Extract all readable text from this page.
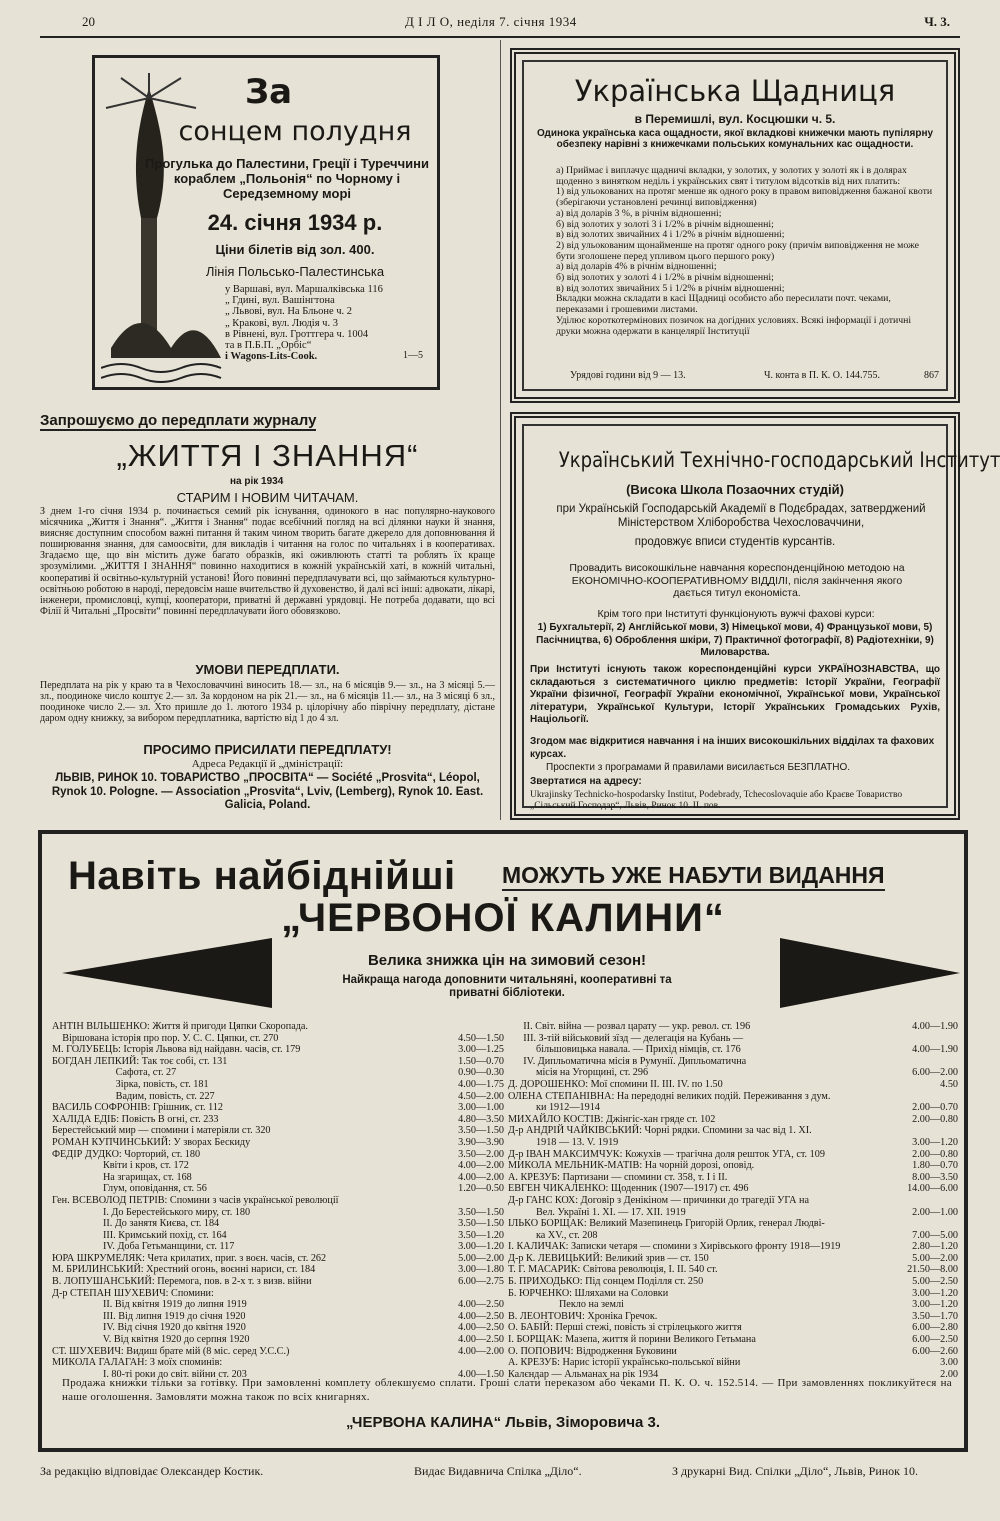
20	Д І Л О, неділя 7. січня 1934	Ч. 3.
За
сонцем полудня
Прогулька до Палестини, Греції і Туреччини кораблем „Польонія“ по Чорному і Середземному морі
24. січня 1934 р.
Ціни білетів від зол. 400.
Лінія Польсько-Палестинська
у Варшаві, вул. Маршалківська 116
„ Гдині, вул. Вашінгтона
„ Львові, вул. На Бльоне ч. 2
„ Кракові, вул. Людія ч. 3
в Рівнені, вул. Гроттгера ч. 1004
та в П.Б.П. „Орбіс“
і Wagons-Lits-Cook.	1—5
Українська Щадниця
в Перемишлі, вул. Косцюшки ч. 5.
Одинока українська каса ощадности, якої вкладкові книжечки мають пупілярну обезпеку нарівні з книжечками польських комунальних кас ощадности.

а) Приймає і виплачує щадничі вкладки, у золотих, у золотих у золоті як і в долярах щоденно з винятком неділь і українських свят і титулом відсотків від них платить:

1) від ульокованих на протяг менше як одного року в правом виповідження бажаної квоти (зберігаючи установлені речинці виповідження)

а) від доларів 3 %, в річнім відношенні;

б) від золотих у золоті 3 і 1/2% в річнім відношенні;

в) від золотих звичайних 4 і 1/2% в річнім відношенні;

2) від ульокованим щонайменше на протяг одного року (причім виповідження не може бути зголошене перед упливом цього першого року)

а) від доларів 4% в річнім відношенні;

б) від золотих у золоті 4 і 1/2% в річнім відношенні;

в) від золотих звичайних 5 і 1/2% в річнім відношенні;

Вкладки можна складати в касі Щадниці особисто або пересилати почт. чеками, переказами і грошевими листами.

Уділює короткотермінових позичок на догідних условиях. Всякі інформації і дотичні друки можна одержати в канцелярії Інституції

Урядові години від 9 — 13.	Ч. конта в П. К. О. 144.755.	867
Запрошуємо до передплати журналу
„ЖИТТЯ І ЗНАННЯ“
на рік 1934
СТАРИМ І НОВИМ ЧИТАЧАМ.
З днем 1-го січня 1934 р. починається семий рік існування, одинокого в нас популярно-наукового місячника „Життя і Знання“. „Життя і Знання“ подає всебічний погляд на всі ділянки науки й знання, виясняє доступним способом важні питання й таким чином творить багате джерело для доповнювання й поширювання знання, для самоосвіти, для викладів і читання на голос по читальнях і в кооперативах. Згадаємо ще, що він містить дуже багато образків, які оживлюють статті та роблять їх краще зрозумілими. „ЖИТТЯ І ЗНАННЯ“ повинно находитися в кожній українській хаті, в кожній читальні, кооперативі й освітньо-культурній установі! Його повинні передплачувати всі, що займаються культурно-освітньою роботою в народі, передовсім наше вчительство й духовенство, й далі всі інші: адвокати, лікарі, інженери, промисловці, купці, кооператори, приватні й державні урядовці. Не потреба додавати, що всі Філії й Читальні „Просвіти“ повинні передплачувати його обовязково.
УМОВИ ПЕРЕДПЛАТИ.
Передплата на рік у краю та в Чехословаччині виносить 18.— зл., на 6 місяців 9.— зл., на 3 місяці 5.— зл., поодиноке число коштує 2.— зл. За кордоном на рік 21.— зл., на 6 місяців 11.— зл., на 3 місяці 6 зл., поодиноке число 2.— зл. Хто пришле до 1. лютого 1934 р. цілорічну або піврічну передплату, дістане даром одну книжку, за вибором передплатника, вартістю від 1 до 4 зл.
ПРОСИМО ПРИСИЛАТИ ПЕРЕДПЛАТУ!
Адреса Редакції й „дміністрації:
ЛЬВІВ, РИНОК 10. ТОВАРИСТВО „ПРОСВІТА“ — Société „Prosvita“, Léopol, Rynok 10. Pologne. — Association „Prosvita“, Lviv, (Lemberg), Rynok 10. East. Galicia, Poland.
Український Технічно-господарський Інститут
(Висока Школа Позаочних студій)
при Українській Господарській Академії в Подєбрадах, затверджений Міністерством Хліборобства Чехословаччини,
продовжує вписи студентів курсантів.
Провадить високошкільне навчання кореспонденційною методою на ЕКОНОМІЧНО-КООПЕРАТИВНОМУ ВІДДІЛІ, після закінчення якого дається титул економіста.
Крім того при Інституті функціонують вужчі фахові курси:
1) Бухгальтерії, 2) Англійської мови, 3) Німецької мови, 4) Французької мови, 5) Пасічництва, 6) Оброблення шкіри, 7) Практичної фотографії, 8) Радіотехніки, 9) Миловарства.
При Інституті існують також кореспонденційні курси УКРАЇНОЗНАВСТВА, що складаються з систематичного циклю предметів: Історії України, Географії України фізичної, Географії України економічної, Української мови, Української літератури, Української Культури, Історії Українських Громадських Рухів, Націольогії.
Згодом має відкритися навчання і на інших високошкільних відділах та фахових курсах.
Проспекти з програмами й правилами висилається БЕЗПЛАТНО.
Звертатися на адресу:
Ukrajinsky Technicko-hospodarsky Institut, Podebrady, Tchecoslovaquie або Краєве Товариство „Сільський Господар“, Львів, Ринок 10. II. пов.
Навіть найбіднійші МОЖУТЬ УЖЕ НАБУТИ ВИДАННЯ
„ЧЕРВОНОЇ КАЛИНИ“
Велика знижка цін на зимовий сезон!
Найкраща нагода доповнити читальняні, кооперативні та приватні бібліотеки.
АНТІН ВІЛЬШЕНКО: Життя й пригоди Цяпки Скоропада.
Віршована історія про пор. У. С. С. Цяпки, ст. 270	4.50—1.50
М. ГОЛУБЕЦЬ: Історія Львова від найдавн. часів, ст. 179	3.00—1.25
БОГДАН ЛЕПКИЙ: Так тоє собі, ст. 131	1.50—0.70
Сафота, ст. 27	0.90—0.30
Зірка, повість, ст. 181	4.00—1.75
Вадим, повість, ст. 227	4.50—2.00
ВАСИЛЬ СОФРОНІВ: Грішник, ст. 112	3.00—1.00
ХАЛІДА ЕДІБ: Повість В огні, ст. 233	4.80—3.50
Берестейський мир — спомини і матеріяли ст. 320	3.50—1.50
РОМАН КУПЧИНСЬКИЙ: У зворах Бескиду	3.90—3.90
ФЕДІР ДУДКО: Чорторий, ст. 180	3.50—2.00
Квіти і кров, ст. 172	4.00—2.00
На згарищах, ст. 168	4.00—2.00
Глум, оповідання, ст. 56	1.20—0.50
Ген. ВСЕВОЛОД ПЕТРІВ: Спомини з часів української революції
I. До Берестейського миру, ст. 180	3.50—1.50
II. До занятя Києва, ст. 184	3.50—1.50
III. Кримський похід, ст. 164	3.50—1.20
IV. Доба Гетьманщини, ст. 117	3.00—1.20
ЮРА ШКРУМЕЛЯК: Чета крилатих, приг. з воєн. часів, ст. 262	5.00—2.00
М. БРИЛИНСЬКИЙ: Хрестний огонь, воєнні нариси, ст. 184	3.00—1.80
В. ЛОПУШАНСЬКИЙ: Перемога, пов. в 2-х т. з визв. війни	6.00—2.75
Д-р СТЕПАН ШУХЕВИЧ: Спомини:
II. Від квітня 1919 до липня 1919	4.00—2.50
III. Від липня 1919 до січня 1920	4.00—2.50
IV. Від січня 1920 до квітня 1920	4.00—2.50
V. Від квітня 1920 до серпня 1920	4.00—2.50
СТ. ШУХЕВИЧ: Видиш брате мій (8 міс. серед У.С.С.)	4.00—2.00
МИКОЛА ГАЛАГАН: З моїх споминів:
I. 80-ті роки до світ. війни ст. 203	4.00—1.50
II. Світ. війна — розвал царату — укр. револ. ст. 196	4.00—1.90
III. З-тій військовий зїзд — делегація на Кубань —
більшовицька навала. — Прихід німців, ст. 176	4.00—1.90
IV. Дипльоматична місія в Румунії. Дипльоматична
місія на Угорщині, ст. 296	6.00—2.00
Д. ДОРОШЕНКО: Мої спомини II. III. IV. по 1.50	4.50
ОЛЕНА СТЕПАНІВНА: На передодні великих подій. Переживання з дум.
ки 1912—1914	2.00—0.70
МИХАЙЛО КОСТІВ: Джінгіс-хан гряде ст. 102	2.00—0.80
Д-р АНДРІЙ ЧАЙКІВСЬКИЙ: Чорні рядки. Спомини за час від 1. XI.
1918 — 13. V. 1919	3.00—1.20
Д-р ІВАН МАКСИМЧУК: Кожухів — трагічна доля решток УГА, ст. 109	2.00—0.80
МИКОЛА МЕЛЬНИК-МАТІВ: На чорній дорозі, оповід.	1.80—0.70
А. КРЕЗУБ: Партизани — спомини ст. 358, т. I і II.	8.00—3.50
ЕВГЕН ЧИКАЛЕНКО: Щоденник (1907—1917) ст. 496	14.00—6.00
Д-р ГАНС КОХ: Договір з Денікіном — причинки до трагедії УГА на
Вел. Україні 1. XI. — 17. XII. 1919	2.00—1.00
ІЛЬКО БОРЩАК: Великий Мазепинець Григорій Орлик, генерал Людві-
ка XV., ст. 208	7.00—5.00
І. КАЛИЧАК: Записки четаря — спомини з Хирівського фронту 1918—1919	2.80—1.20
Д-р К. ЛЕВИЦЬКИЙ: Великий зрив — ст. 150	5.00—2.00
Т. Г. МАСАРИК: Світова революція, I. II. 540 ст.	21.50—8.00
Б. ПРИХОДЬКО: Під сонцем Поділля ст. 250	5.00—2.50
Б. ЮРЧЕНКО: Шляхами на Соловки	3.00—1.20
Пекло на землі	3.00—1.20
В. ЛЕОНТОВИЧ: Хроніка Гречок.	3.50—1.70
О. БАБІЙ: Перші стежі, повість зі стрілецького життя	6.00—2.80
І. БОРЩАК: Мазепа, життя й порини Великого Гетьмана	6.00—2.50
О. ПОПОВИЧ: Відродження Буковини	6.00—2.60
А. КРЕЗУБ: Нарис історії українсько-польської війни	3.00
Калєндар — Альманах на рік 1934	2.00
Продажа книжки тільки за готівку. При замовленні комплету облекшуємо сплати. Гроші слати переказом або чеками П. К. О. ч. 152.514. — При замовленнях покликуйтеся на наше оголошення. Замовляти можна також по всіх книгарнях.
„ЧЕРВОНА КАЛИНА“ Львів, Зіморовича 3.
За редакцію відповідає Олександер Костик.	Видає Видавнича Спілка „Діло“.	З друкарні Вид. Спілки „Діло“, Львів, Ринок 10.
